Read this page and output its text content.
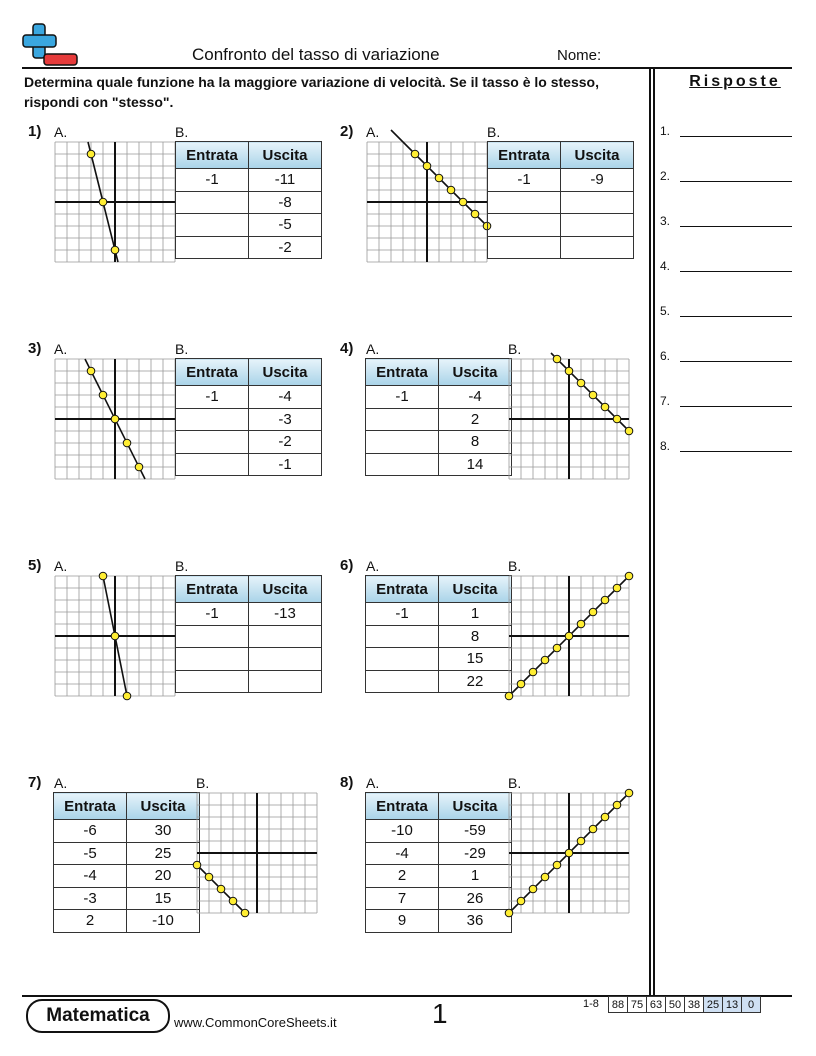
Confronto del tasso di variazione	Nome:
Determina quale funzione ha la maggiore variazione di velocità. Se il tasso è lo stesso, rispondi con "stesso".
Risposte
1.
2.
3.
4.
5.
6.
7.
8.
1) A.	B.
Entrata	Uscita
-1	-11
	-8
	-5
	-2
2) A.	B.
Entrata	Uscita
-1	-9

3) A.	B.
Entrata	Uscita
-1	-4
	-3
	-2
	-1
4) A.	B.
Entrata	Uscita
-1	-4
	2
	8
	14
5) A.	B.
Entrata	Uscita
-1	-13

6) A.	B.
Entrata	Uscita
-1	1
	8
	15
	22
7) A.	B.
Entrata	Uscita
-6	30
-5	25
-4	20
-3	15
2	-10
8) A.	B.
Entrata	Uscita
-10	-59
-4	-29
2	1
7	26
9	36
Matematica	www.CommonCoreSheets.it	1	1-8 88	75	63	50	38	25	13	0
